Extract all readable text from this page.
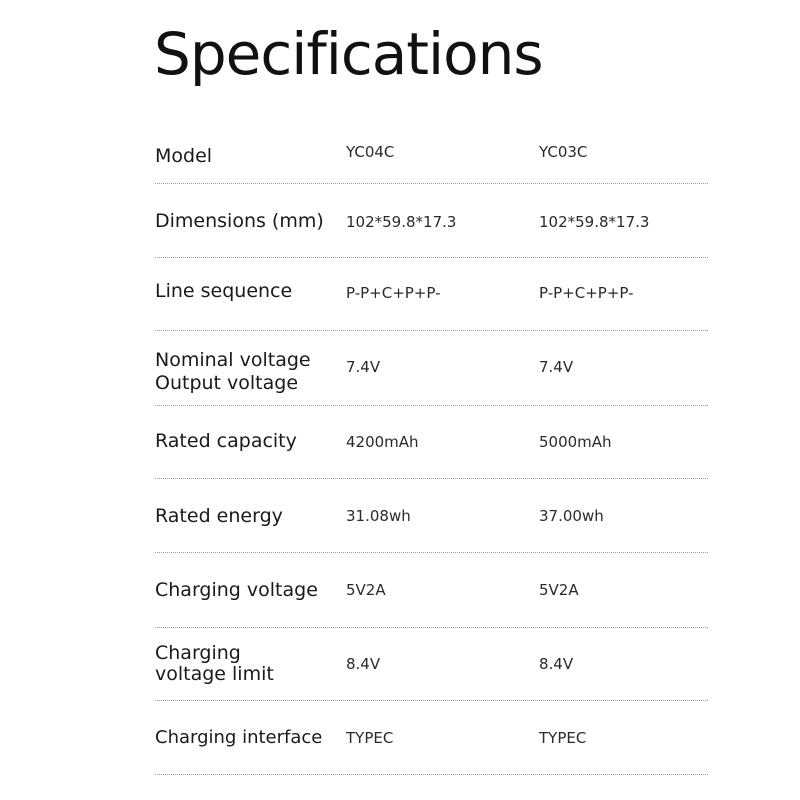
Specifications
Model	YC04C	YC03C
Dimensions (mm) 102*59.8*17.3	102*59.8*17.3
Line sequence	P-P+C+P+P-	P-P+C+P+P-
Nominal voltage
Output voltage
7.4V	7.4V
Rated capacity	4200mAh	5000mAh
Rated energy	31.08wh	37.00wh
Charging voltage 5V2A	5V2A
Charging
voltage limit	8.4V	8.4V
Charging interface TYPEC	TYPEC
